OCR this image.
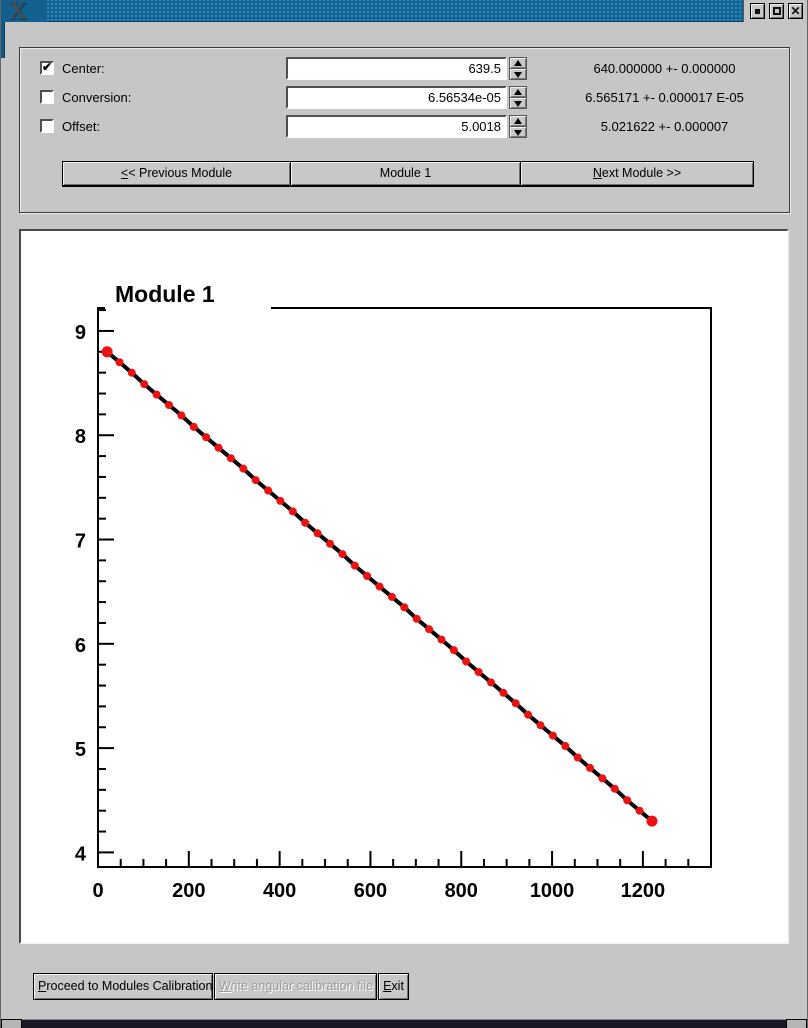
X	✕
✔
Center:
639.5	640.000000 +- 0.000000
Conversion:
6.56534e-05	6.565171 +- 0.000017 E-05
Offset:
5.0018	5.021622 +- 0.000007
<< Previous Module	Module 1	Next Module >>
0	200	400	600	800	1000 1200
4
5
6
7
8
9
Module 1
Proceed to Modules Calibration Write angular calibration file Exit
